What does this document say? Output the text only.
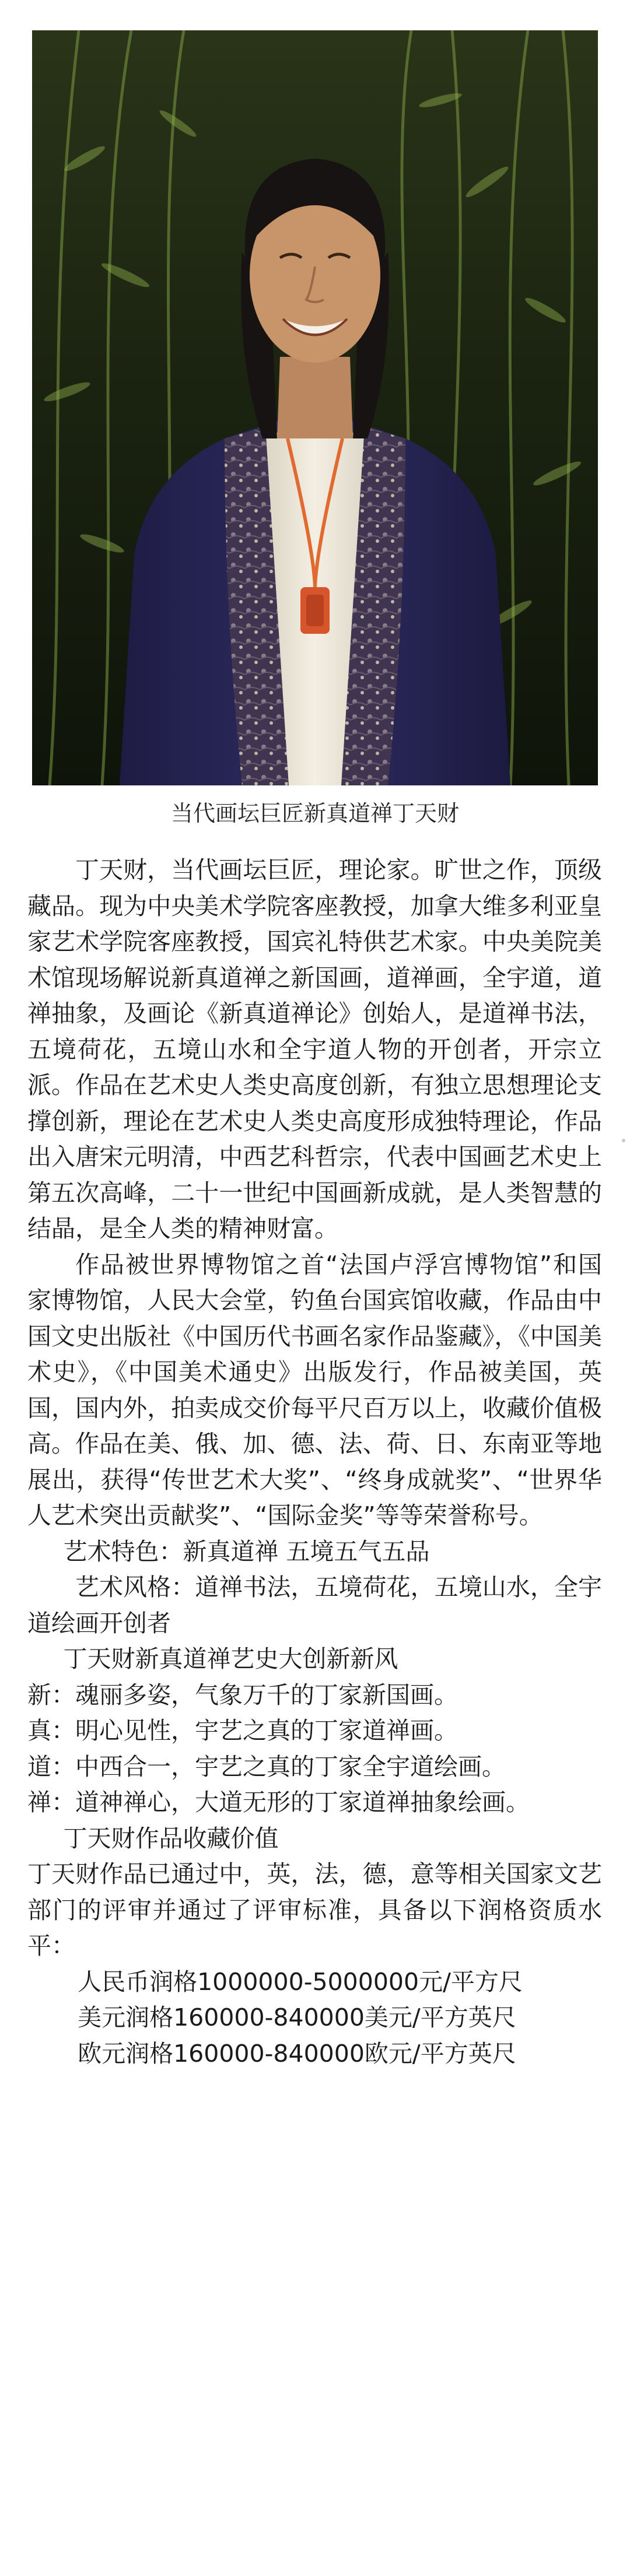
当代画坛巨匠新真道禅丁天财

丁天财，当代画坛巨匠，理论家。旷世之作，顶级藏品。现为中央美术学院客座教授，加拿大维多利亚皇家艺术学院客座教授，国宾礼特供艺术家。中央美院美术馆现场解说新真道禅之新国画，道禅画，全宇道，道禅抽象，及画论《新真道禅论》创始人，是道禅书法，五境荷花，五境山水和全宇道人物的开创者，开宗立派。作品在艺术史人类史高度创新，有独立思想理论支撑创新，理论在艺术史人类史高度形成独特理论，作品出入唐宋元明清，中西艺科哲宗，代表中国画艺术史上第五次高峰，二十一世纪中国画新成就，是人类智慧的结晶，是全人类的精神财富。

作品被世界博物馆之首“法国卢浮宫博物馆”和国家博物馆，人民大会堂，钓鱼台国宾馆收藏，作品由中国文史出版社《中国历代书画名家作品鉴藏》，《中国美术史》，《中国美术通史》出版发行，作品被美国，英国，国内外，拍卖成交价每平尺百万以上，收藏价值极高。作品在美、俄、加、德、法、荷、日、东南亚等地展出，获得“传世艺术大奖”、“终身成就奖”、“世界华人艺术突出贡献奖”、“国际金奖”等等荣誉称号。

艺术特色：新真道禅 五境五气五品

艺术风格：道禅书法，五境荷花，五境山水，全宇道绘画开创者

丁天财新真道禅艺史大创新新风

新：魂丽多姿，气象万千的丁家新国画。

真：明心见性，宇艺之真的丁家道禅画。

道：中西合一，宇艺之真的丁家全宇道绘画。

禅：道神禅心，大道无形的丁家道禅抽象绘画。

丁天财作品收藏价值

丁天财作品已通过中，英，法，德，意等相关国家文艺部门的评审并通过了评审标准，具备以下润格资质水平：

人民币润格1000000-5000000元/平方尺

美元润格160000-840000美元/平方英尺

欧元润格160000-840000欧元/平方英尺
